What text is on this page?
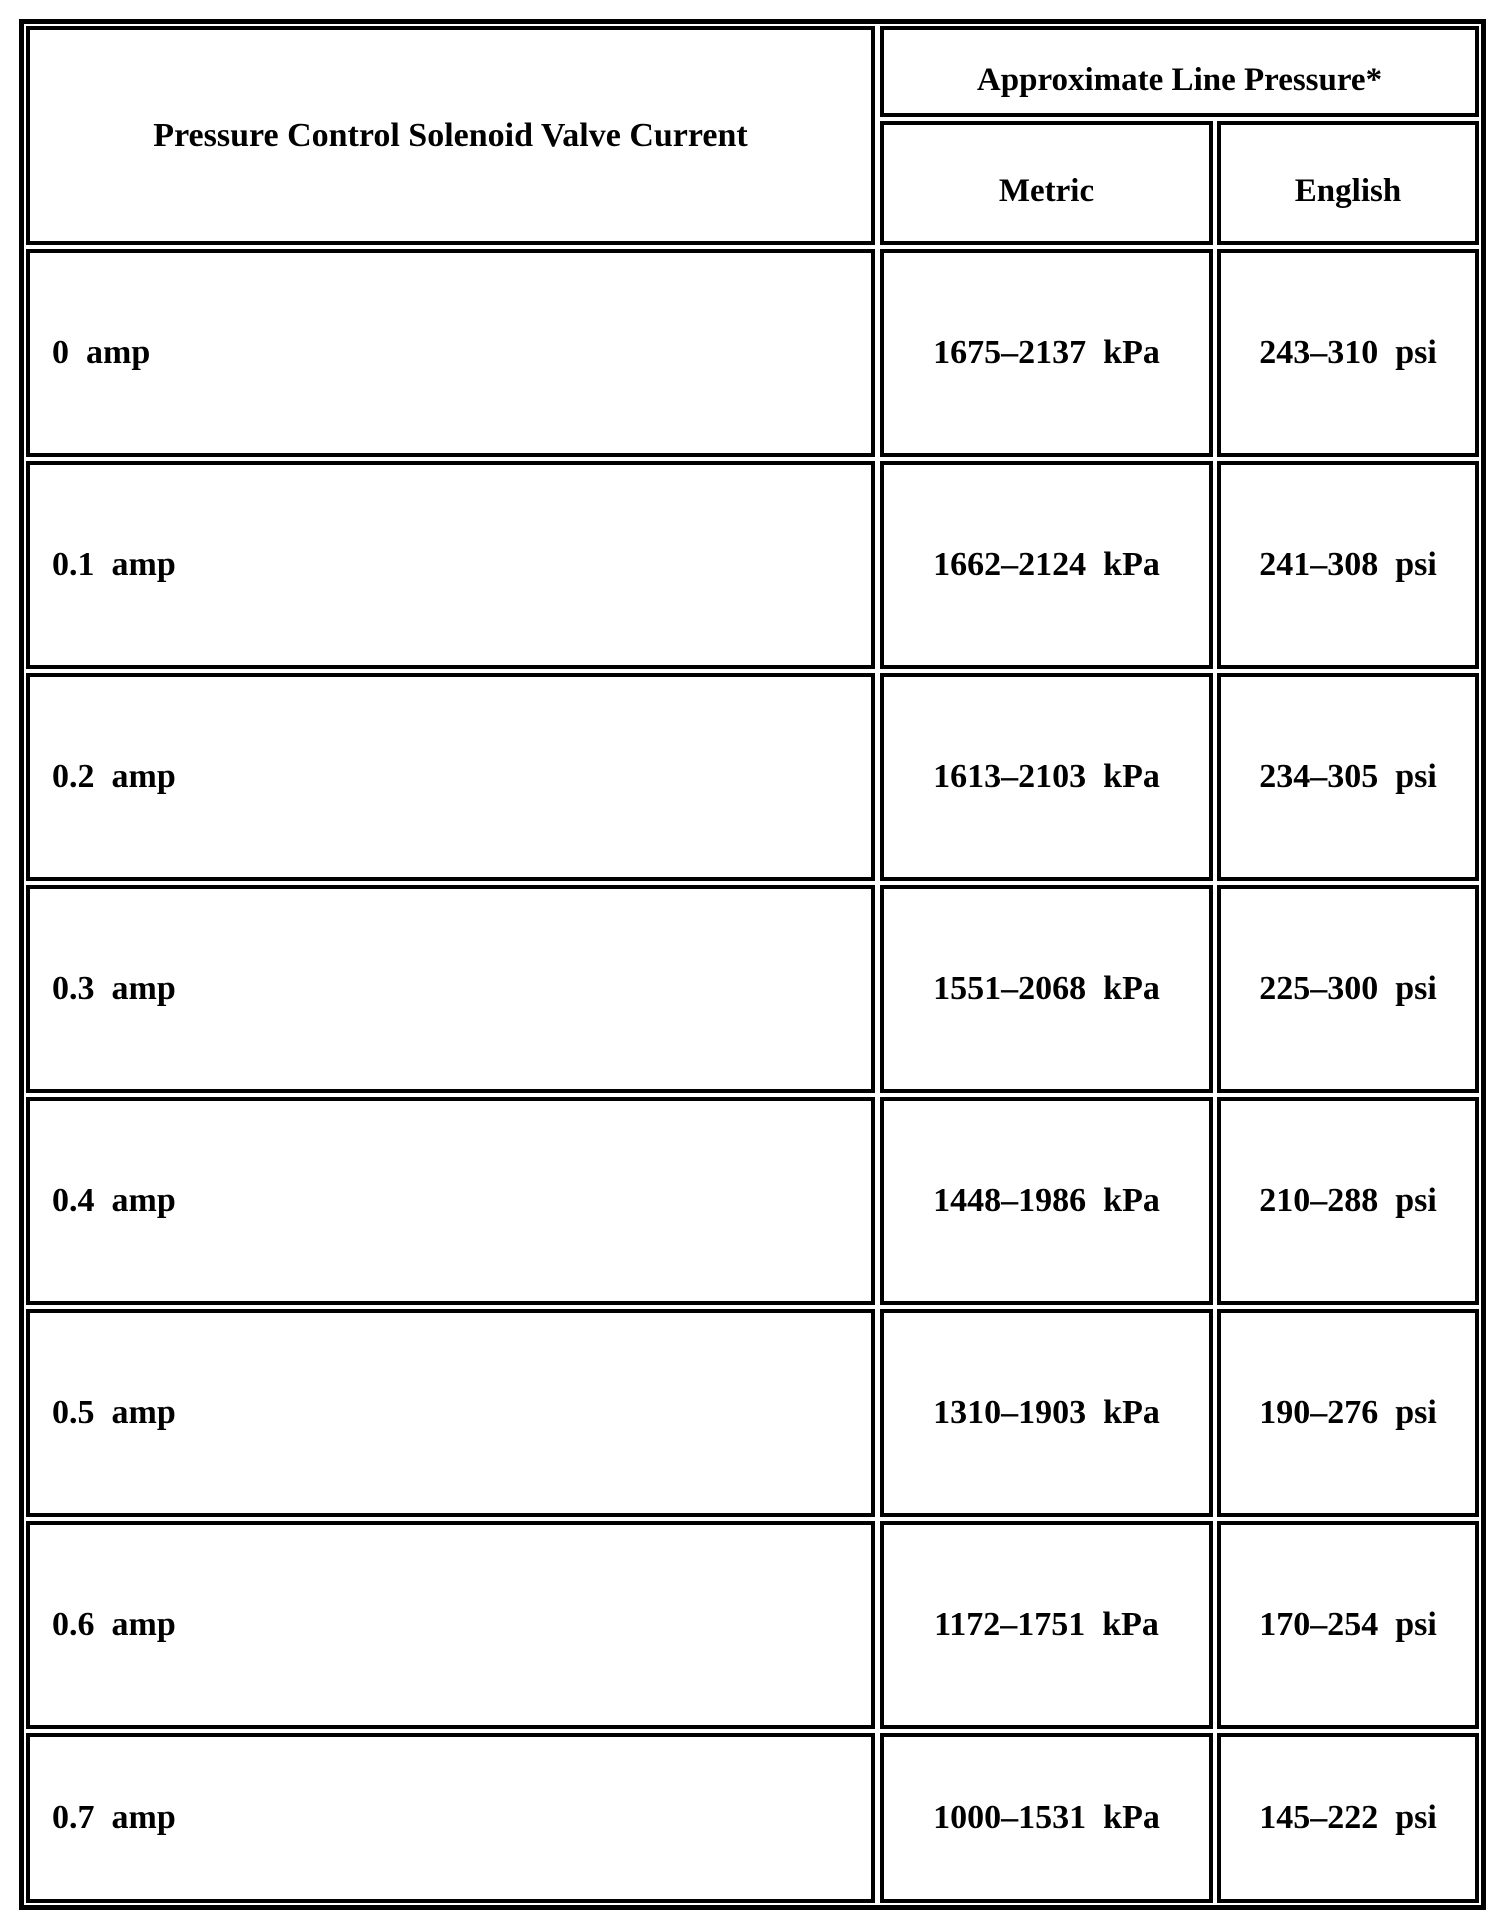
Pressure Control Solenoid Valve Current
Approximate Line Pressure*
Metric	English
0  amp	1675–2137  kPa	243–310  psi
0.1  amp	1662–2124  kPa	241–308  psi
0.2  amp	1613–2103  kPa	234–305  psi
0.3  amp	1551–2068  kPa	225–300  psi
0.4  amp	1448–1986  kPa	210–288  psi
0.5  amp	1310–1903  kPa	190–276  psi
0.6  amp	1172–1751  kPa	170–254  psi
0.7  amp	1000–1531  kPa	145–222  psi
